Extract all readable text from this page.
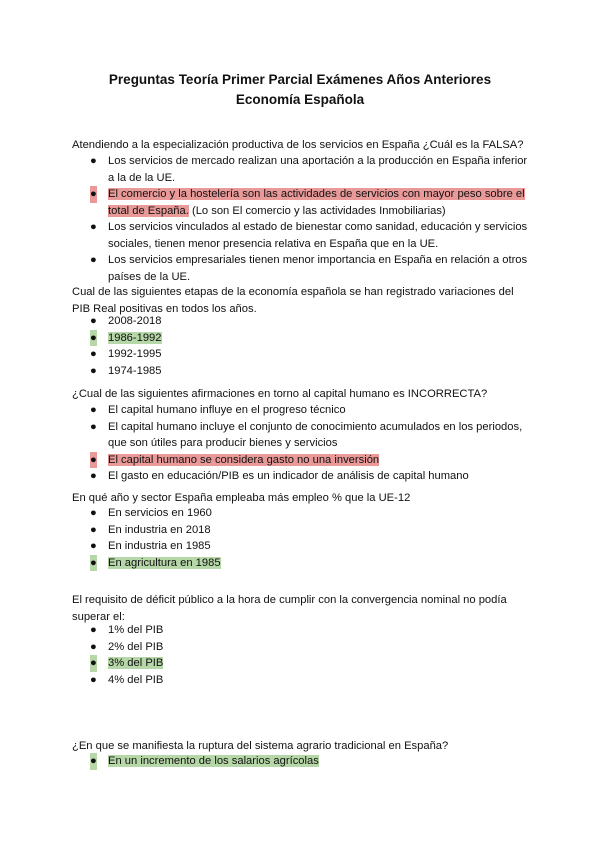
Preguntas Teoría Primer Parcial Exámenes Años Anteriores
Economía Española
Atendiendo a la especialización productiva de los servicios en España ¿Cuál es la FALSA?
● Los servicios de mercado realizan una aportación a la producción en España inferior
a la de la UE.
● El comercio y la hostelería son las actividades de servicios con mayor peso sobre el
total de España. (Lo son El comercio y las actividades Inmobiliarias)
● Los servicios vinculados al estado de bienestar como sanidad, educación y servicios
sociales, tienen menor presencia relativa en España que en la UE.
● Los servicios empresariales tienen menor importancia en España en relación a otros
países de la UE.
Cual de las siguientes etapas de la economía española se han registrado variaciones del
PIB Real positivas en todos los años.
● 2008-2018
● 1986-1992
● 1992-1995
● 1974-1985
¿Cual de las siguientes afirmaciones en torno al capital humano es INCORRECTA?
● El capital humano influye en el progreso técnico
● El capital humano incluye el conjunto de conocimiento acumulados en los periodos,
que son útiles para producir bienes y servicios
● El capital humano se considera gasto no una inversión
● El gasto en educación/PIB es un indicador de análisis de capital humano
En qué año y sector España empleaba más empleo % que la UE-12
● En servicios en 1960
● En industria en 2018
● En industria en 1985
● En agricultura en 1985
El requisito de déficit público a la hora de cumplir con la convergencia nominal no podía
superar el:
● 1% del PIB
● 2% del PIB
● 3% del PIB
● 4% del PIB
¿En que se manifiesta la ruptura del sistema agrario tradicional en España?
● En un incremento de los salarios agrícolas
